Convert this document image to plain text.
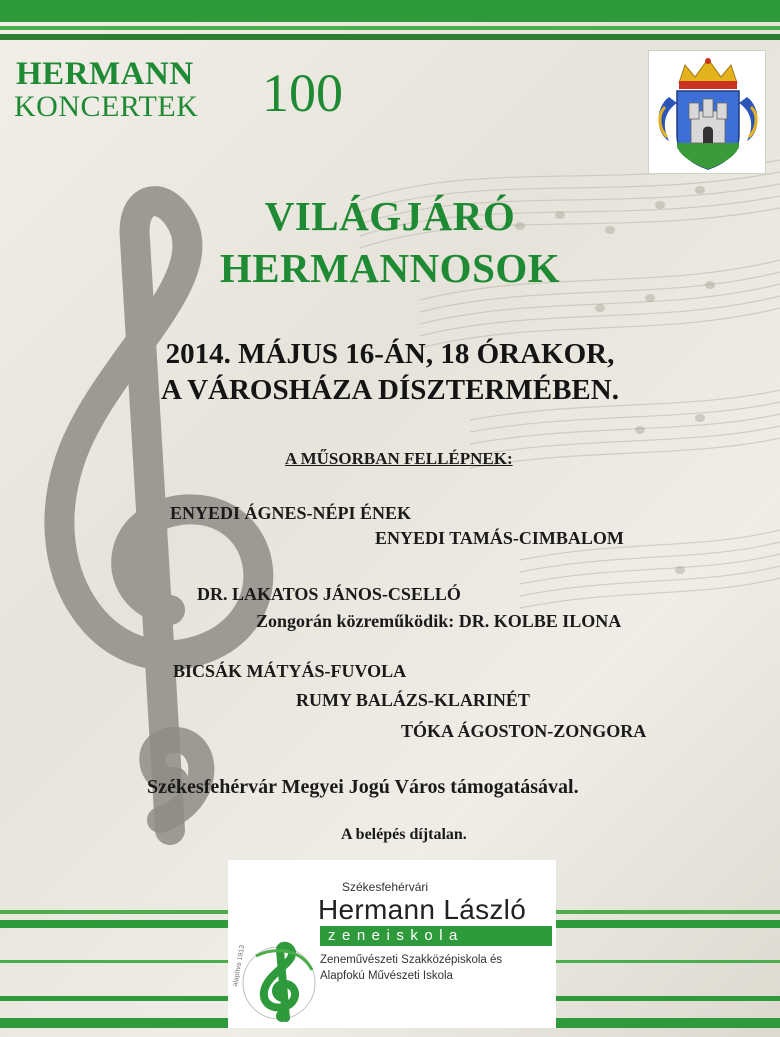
HERMANN
KONCERTEK 100
VILÁGJÁRÓ
HERMANNOSOK
2014. MÁJUS 16-ÁN, 18 ÓRAKOR,
A VÁROSHÁZA DÍSZTERMÉBEN.
A MŰSORBAN FELLÉPNEK:
ENYEDI ÁGNES-NÉPI ÉNEK
ENYEDI TAMÁS-CIMBALOM
DR. LAKATOS JÁNOS-CSELLÓ
Zongorán közreműködik: DR. KOLBE ILONA
BICSÁK MÁTYÁS-FUVOLA
RUMY BALÁZS-KLARINÉT
TÓKA ÁGOSTON-ZONGORA
Székesfehérvár Megyei Jogú Város támogatásával.
A belépés díjtalan.
alapítva 1913
Székesfehérvári
Hermann László
zeneiskola
Zeneművészeti Szakközépiskola és
Alapfokú Művészeti Iskola
